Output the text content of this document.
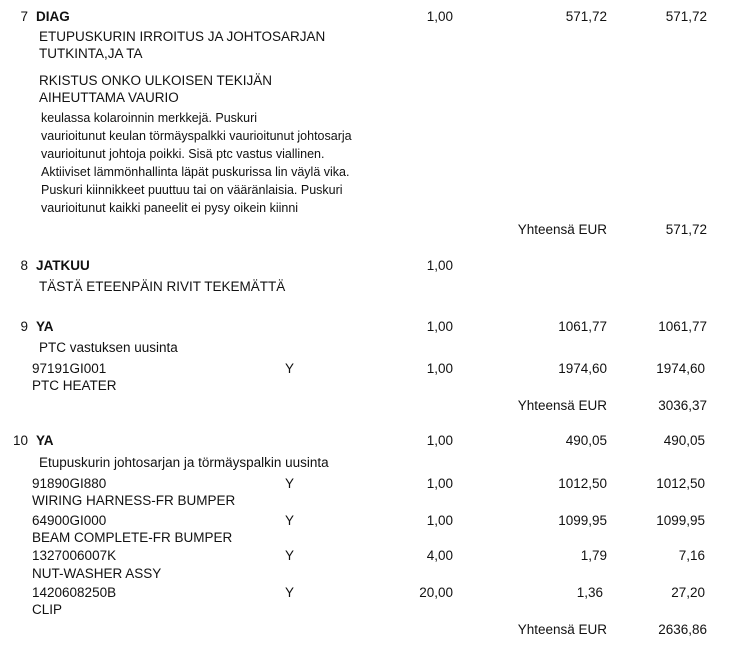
7 DIAG	1,00	571,72	571,72
ETUPUSKURIN IRROITUS JA JOHTOSARJAN
TUTKINTA,JA TA
RKISTUS ONKO ULKOISEN TEKIJÄN
AIHEUTTAMA VAURIO
keulassa kolaroinnin merkkejä. Puskuri
vaurioitunut keulan törmäyspalkki vaurioitunut johtosarja
vaurioitunut johtoja poikki. Sisä ptc vastus viallinen.
Aktiiviset lämmönhallinta läpät puskurissa lin väylä vika.
Puskuri kiinnikkeet puuttuu tai on vääränlaisia. Puskuri
vaurioitunut kaikki paneelit ei pysy oikein kiinni
Yhteensä EUR	571,72
8 JATKUU	1,00
TÄSTÄ ETEENPÄIN RIVIT TEKEMÄTTÄ
9 YA	1,00	1061,77	1061,77
PTC vastuksen uusinta
97191GI001	Y	1,00	1974,60	1974,60
PTC HEATER
Yhteensä EUR	3036,37
10 YA	1,00	490,05	490,05
Etupuskurin johtosarjan ja törmäyspalkin uusinta
91890GI880	Y	1,00	1012,50	1012,50
WIRING HARNESS-FR BUMPER
64900GI000	Y	1,00	1099,95	1099,95
BEAM COMPLETE-FR BUMPER
1327006007K	Y	4,00	1,79	7,16
NUT-WASHER ASSY
1420608250B	Y	20,00	1,36	27,20
CLIP
Yhteensä EUR	2636,86
